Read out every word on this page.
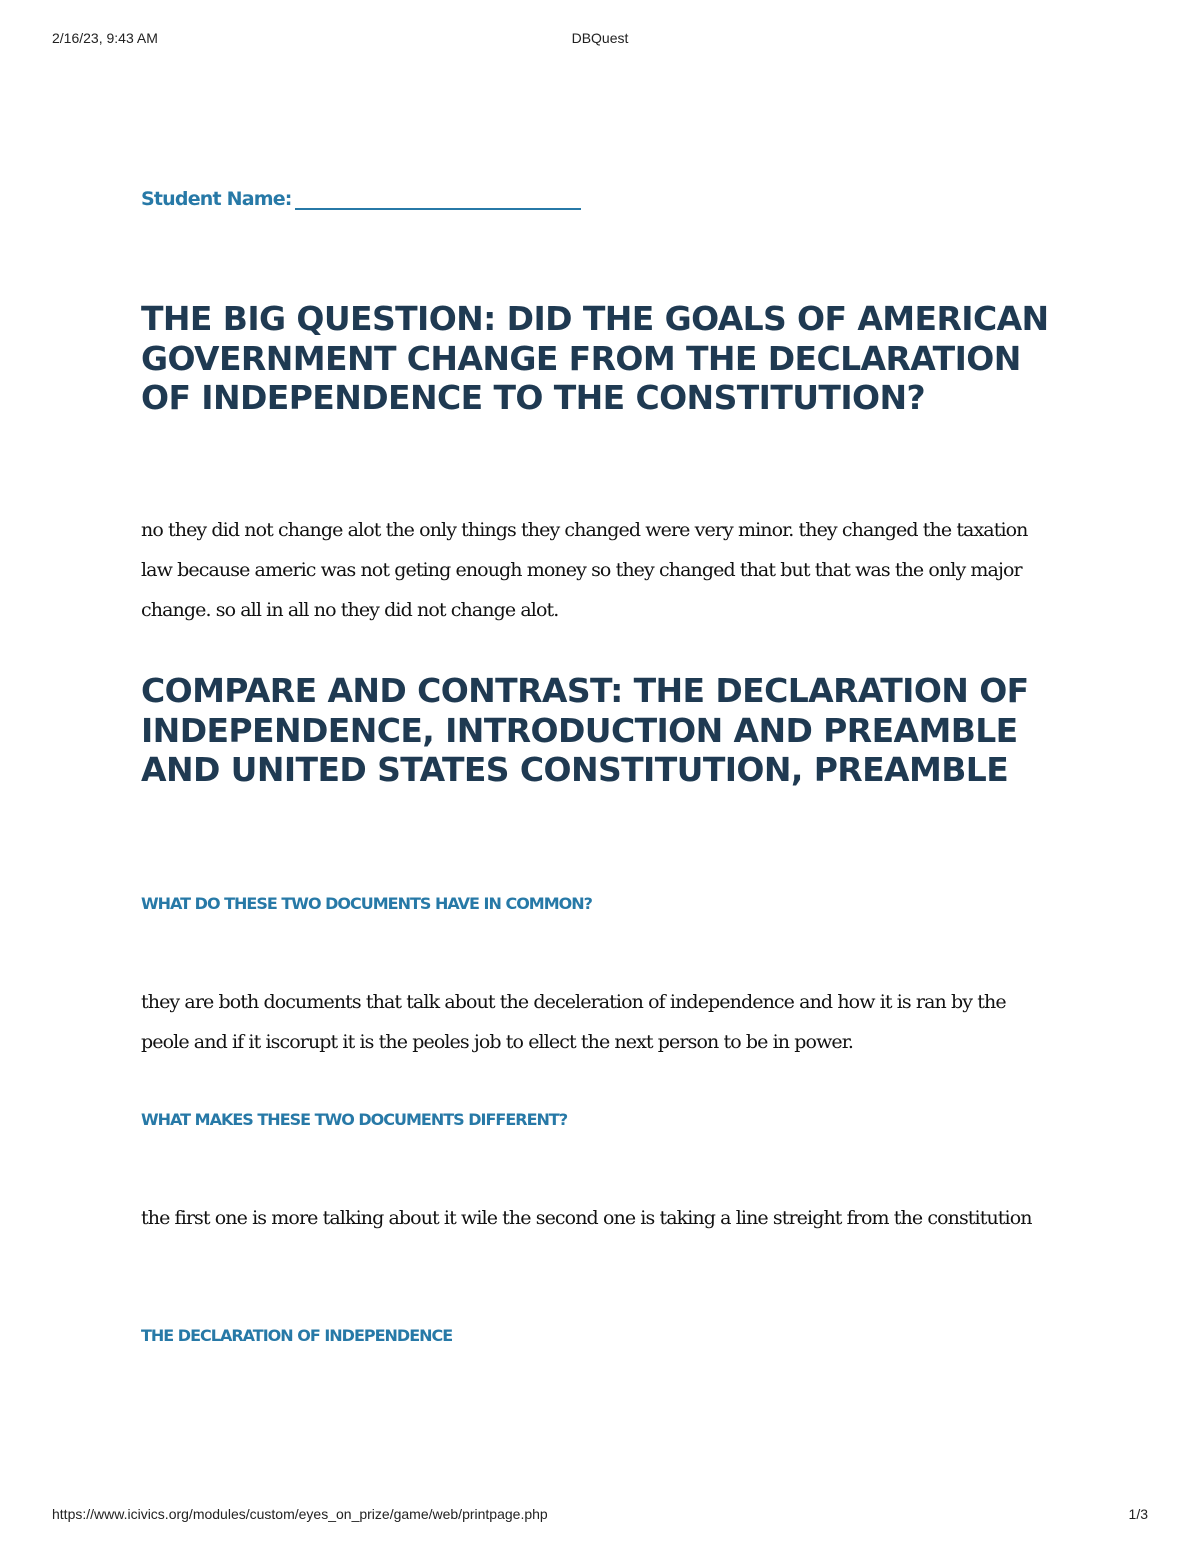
2/16/23, 9:43 AM	DBQuest
Student Name:
THE BIG QUESTION: DID THE GOALS OF AMERICAN GOVERNMENT CHANGE FROM THE DECLARATION OF INDEPENDENCE TO THE CONSTITUTION?

no they did not change alot the only things they changed were very minor. they changed the taxation law because americ was not geting enough money so they changed that but that was the only major change. so all in all no they did not change alot.

COMPARE AND CONTRAST: THE DECLARATION OF INDEPENDENCE, INTRODUCTION AND PREAMBLE AND UNITED STATES CONSTITUTION, PREAMBLE
WHAT DO THESE TWO DOCUMENTS HAVE IN COMMON?

they are both documents that talk about the deceleration of independence and how it is ran by the peole and if it iscorupt it is the peoles job to ellect the next person to be in power.

WHAT MAKES THESE TWO DOCUMENTS DIFFERENT?

the first one is more talking about it wile the second one is taking a line streight from the constitution

THE DECLARATION OF INDEPENDENCE
https://www.icivics.org/modules/custom/eyes_on_prize/game/web/printpage.php	1/3
